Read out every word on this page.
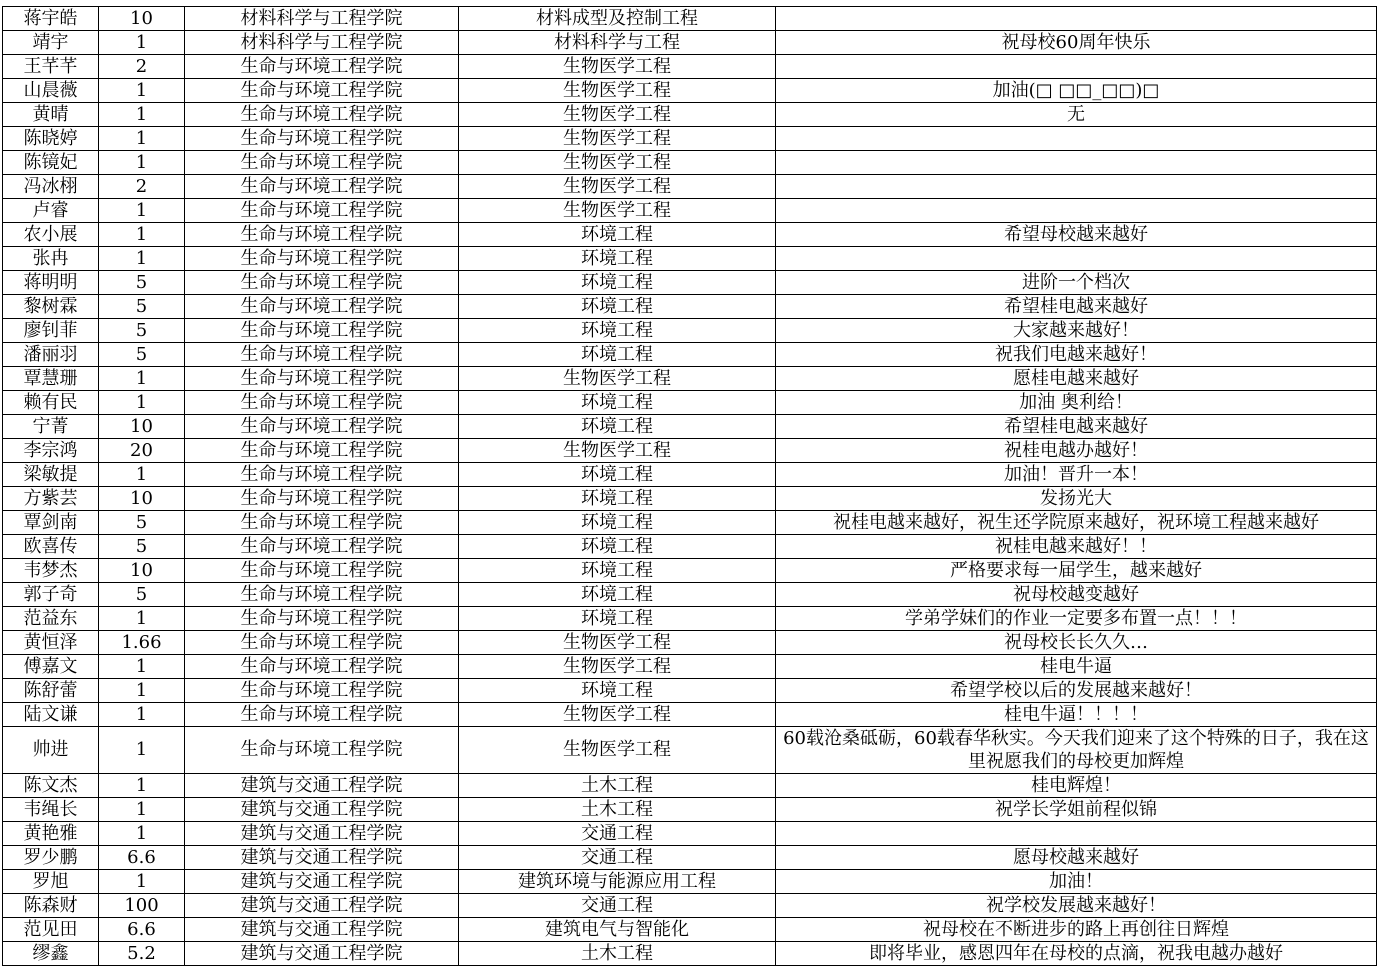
蒋宇皓	10	材料科学与工程学院	材料成型及控制工程	
靖宇	1	材料科学与工程学院	材料科学与工程	祝母校60周年快乐
王芊芊	2	生命与环境工程学院	生物医学工程	
山晨薇	1	生命与环境工程学院	生物医学工程	加油(□ □□_□□)□
黄晴	1	生命与环境工程学院	生物医学工程	无
陈晓婷	1	生命与环境工程学院	生物医学工程	
陈镜妃	1	生命与环境工程学院	生物医学工程	
冯冰栩	2	生命与环境工程学院	生物医学工程	
卢睿	1	生命与环境工程学院	生物医学工程	
农小展	1	生命与环境工程学院	环境工程	希望母校越来越好
张冉	1	生命与环境工程学院	环境工程	
蒋明明	5	生命与环境工程学院	环境工程	进阶一个档次
黎树霖	5	生命与环境工程学院	环境工程	希望桂电越来越好
廖钊菲	5	生命与环境工程学院	环境工程	大家越来越好！
潘丽羽	5	生命与环境工程学院	环境工程	祝我们电越来越好！
覃慧珊	1	生命与环境工程学院	生物医学工程	愿桂电越来越好
赖有民	1	生命与环境工程学院	环境工程	加油 奥利给！
宁菁	10	生命与环境工程学院	环境工程	希望桂电越来越好
李宗鸿	20	生命与环境工程学院	生物医学工程	祝桂电越办越好！
梁敏提	1	生命与环境工程学院	环境工程	加油！晋升一本！
方紫芸	10	生命与环境工程学院	环境工程	发扬光大
覃剑南	5	生命与环境工程学院	环境工程	祝桂电越来越好，祝生还学院原来越好，祝环境工程越来越好
欧喜传	5	生命与环境工程学院	环境工程	祝桂电越来越好！！
韦梦杰	10	生命与环境工程学院	环境工程	严格要求每一届学生，越来越好
郭子奇	5	生命与环境工程学院	环境工程	祝母校越变越好
范益东	1	生命与环境工程学院	环境工程	学弟学妹们的作业一定要多布置一点！！！
黄恒泽	1.66	生命与环境工程学院	生物医学工程	祝母校长长久久…
傅嘉文	1	生命与环境工程学院	生物医学工程	桂电牛逼
陈舒蕾	1	生命与环境工程学院	环境工程	希望学校以后的发展越来越好！
陆文谦	1	生命与环境工程学院	生物医学工程	桂电牛逼！！！！
帅进	1	生命与环境工程学院	生物医学工程	60载沧桑砥砺，60载春华秋实。今天我们迎来了这个特殊的日子，我在这里祝愿我们的母校更加辉煌
陈文杰	1	建筑与交通工程学院	土木工程	桂电辉煌！
韦绳长	1	建筑与交通工程学院	土木工程	祝学长学姐前程似锦
黄艳雅	1	建筑与交通工程学院	交通工程	
罗少鹏	6.6	建筑与交通工程学院	交通工程	愿母校越来越好
罗旭	1	建筑与交通工程学院	建筑环境与能源应用工程	加油！
陈森财	100	建筑与交通工程学院	交通工程	祝学校发展越来越好！
范见田	6.6	建筑与交通工程学院	建筑电气与智能化	祝母校在不断进步的路上再创往日辉煌
缪鑫	5.2	建筑与交通工程学院	土木工程	即将毕业，感恩四年在母校的点滴，祝我电越办越好
